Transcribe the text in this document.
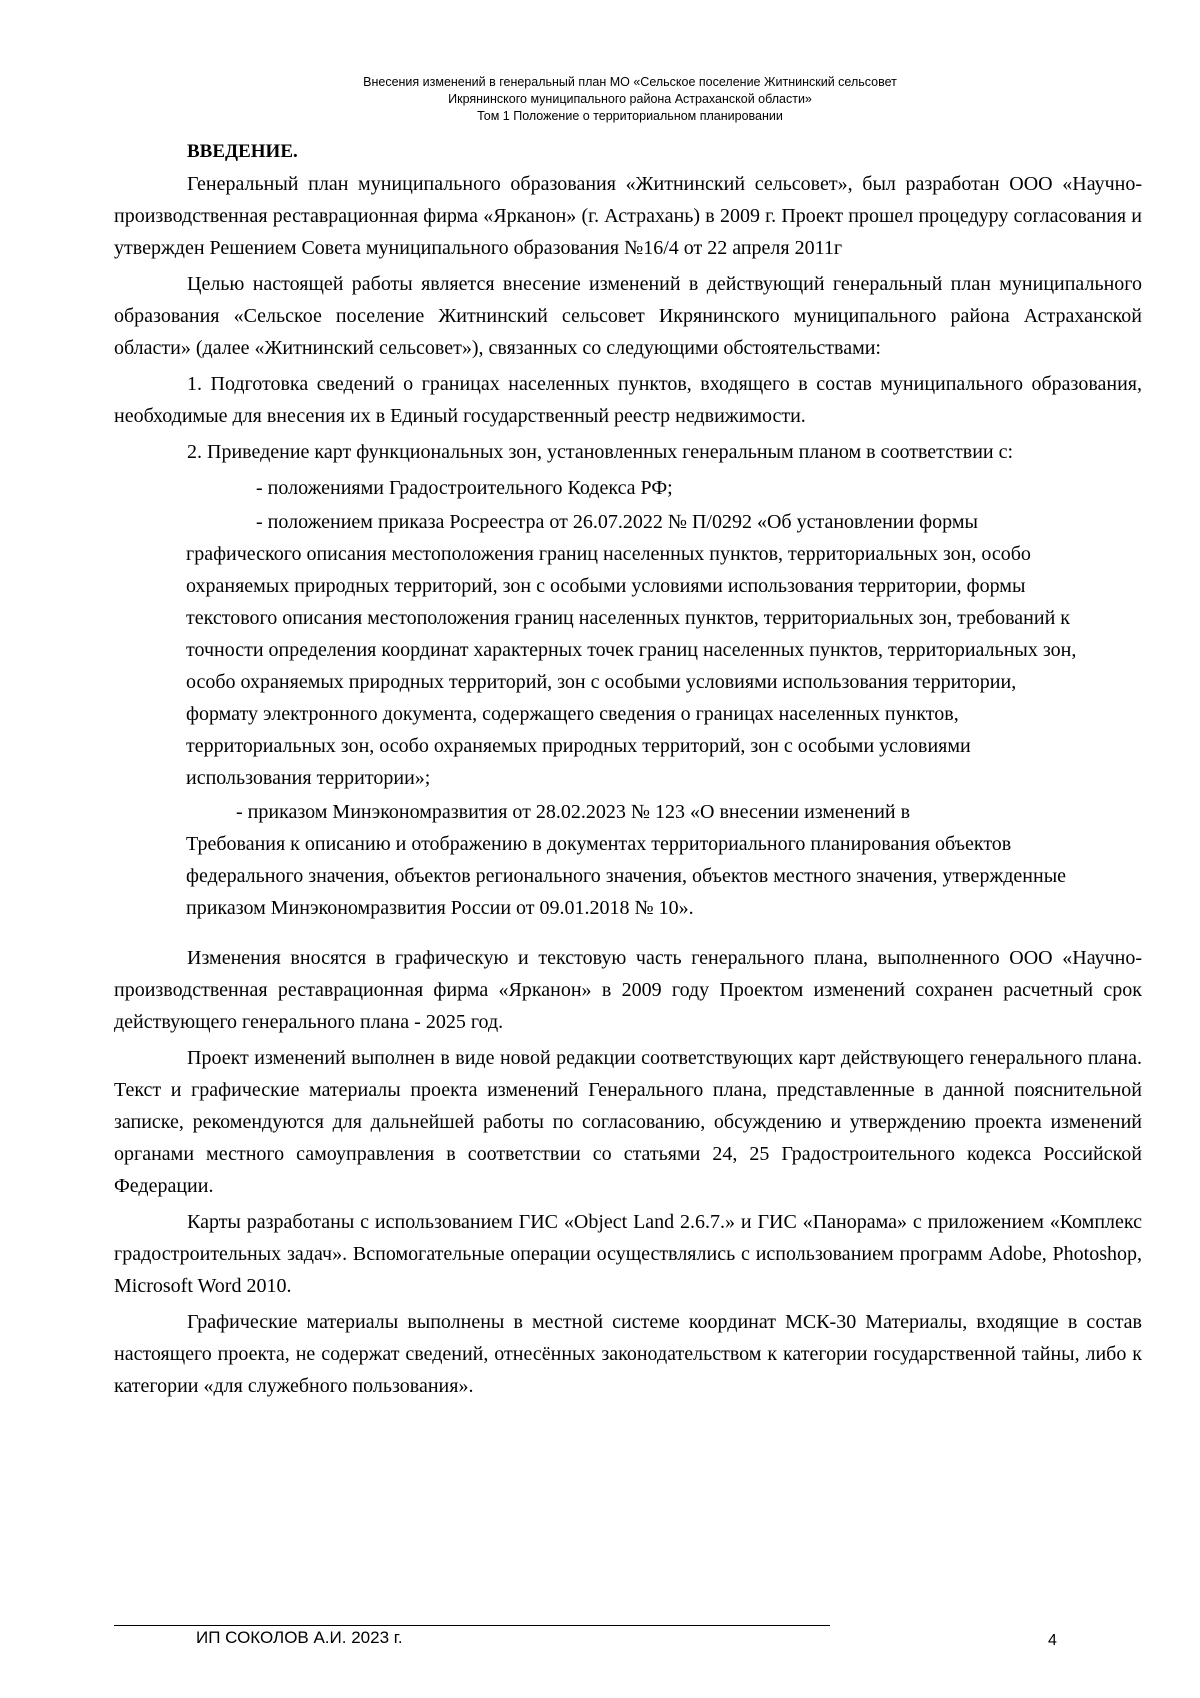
Внесения изменений в генеральный план МО «Сельское поселение Житнинский сельсовет
Икрянинского муниципального района Астраханской области»
Том 1 Положение о территориальном планировании
ВВЕДЕНИЕ.

Генеральный план муниципального образования «Житнинский сельсовет», был разработан ООО «Научно-производственная реставрационная фирма «Ярканон» (г. Астрахань) в 2009 г. Проект прошел процедуру согласования и утвержден Решением Совета муниципального образования №16/4 от 22 апреля 2011г

Целью настоящей работы является внесение изменений в действующий генеральный план муниципального образования «Сельское поселение Житнинский сельсовет Икрянинского муниципального района Астраханской области» (далее «Житнинский сельсовет»), связанных со следующими обстоятельствами:

1. Подготовка сведений о границах населенных пунктов, входящего в состав муниципального образования, необходимые для внесения их в Единый государственный реестр недвижимости.

2. Приведение карт функциональных зон, установленных генеральным планом в соответствии с:

- положениями Градостроительного Кодекса РФ;

- положением приказа Росреестра от 26.07.2022 № П/0292 «Об установлении формы
графического описания местоположения границ населенных пунктов, территориальных зон, особо охраняемых природных территорий, зон с особыми условиями использования территории, формы текстового описания местоположения границ населенных пунктов, территориальных зон, требований к точности определения координат характерных точек границ населенных пунктов, территориальных зон, особо охраняемых природных территорий, зон с особыми условиями использования территории, формату электронного документа, содержащего сведения о границах населенных пунктов, территориальных зон, особо охраняемых природных территорий, зон с особыми условиями использования территории»;

- приказом Минэкономразвития от 28.02.2023 № 123 «О внесении изменений в
Требования к описанию и отображению в документах территориального планирования объектов федерального значения, объектов регионального значения, объектов местного значения, утвержденные приказом Минэкономразвития России от 09.01.2018 № 10».

Изменения вносятся в графическую и текстовую часть генерального плана, выполненного ООО «Научно-производственная реставрационная фирма «Ярканон» в 2009 году Проектом изменений сохранен расчетный срок действующего генерального плана - 2025 год.

Проект изменений выполнен в виде новой редакции соответствующих карт действующего генерального плана. Текст и графические материалы проекта изменений Генерального плана, представленные в данной пояснительной записке, рекомендуются для дальнейшей работы по согласованию, обсуждению и утверждению проекта изменений органами местного самоуправления в соответствии со статьями 24, 25 Градостроительного кодекса Российской Федерации.

Карты разработаны с использованием ГИС «Object Land 2.6.7.» и ГИС «Панорама» с приложением «Комплекс градостроительных задач». Вспомогательные операции осуществлялись с использованием программ Adobe, Photoshop, Microsoft Word 2010.

Графические материалы выполнены в местной системе координат МСК-30 Материалы, входящие в состав настоящего проекта, не содержат сведений, отнесённых законодательством к категории государственной тайны, либо к категории «для служебного пользования».

ИП СОКОЛОВ А.И. 2023 г.	4
